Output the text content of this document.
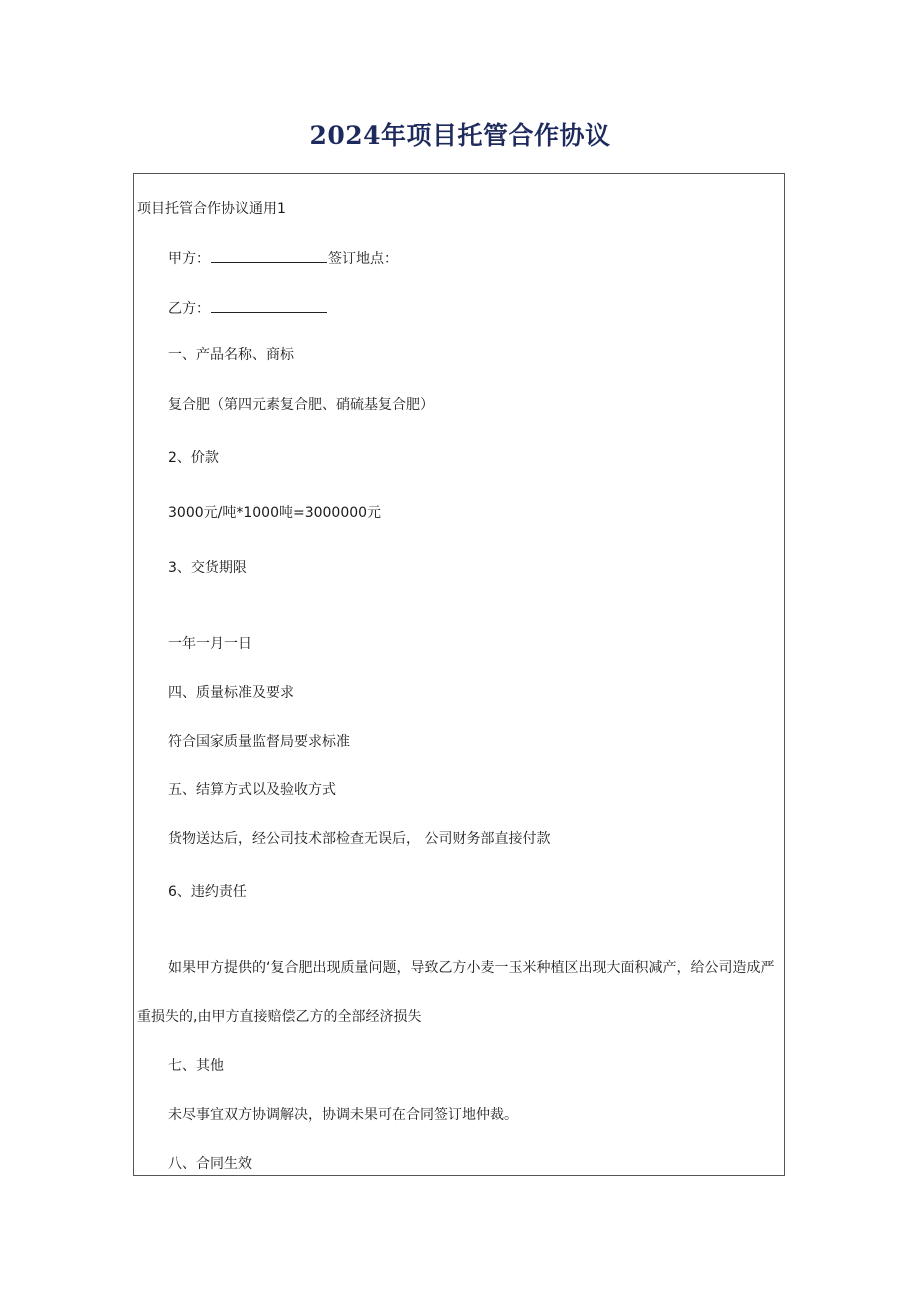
2024年项目托管合作协议

项目托管合作协议通用1

甲方：	签订地点：

乙方：

一、产品名称、商标

复合肥（第四元素复合肥、硝硫基复合肥）

2、价款

3000元/吨*1000吨=3000000元

3、交货期限

一年一月一日

四、质量标准及要求

符合国家质量监督局要求标准

五、结算方式以及验收方式

货物送达后，经公司技术部检查无误后， 公司财务部直接付款

6、违约责任

如果甲方提供的‘复合肥出现质量问题，导致乙方小麦一玉米种植区出现大面积减产，给公司造成严

重损失的,由甲方直接赔偿乙方的全部经济损失

七、其他

未尽事宜双方协调解决，协调未果可在合同签订地仲裁。

八、合同生效
